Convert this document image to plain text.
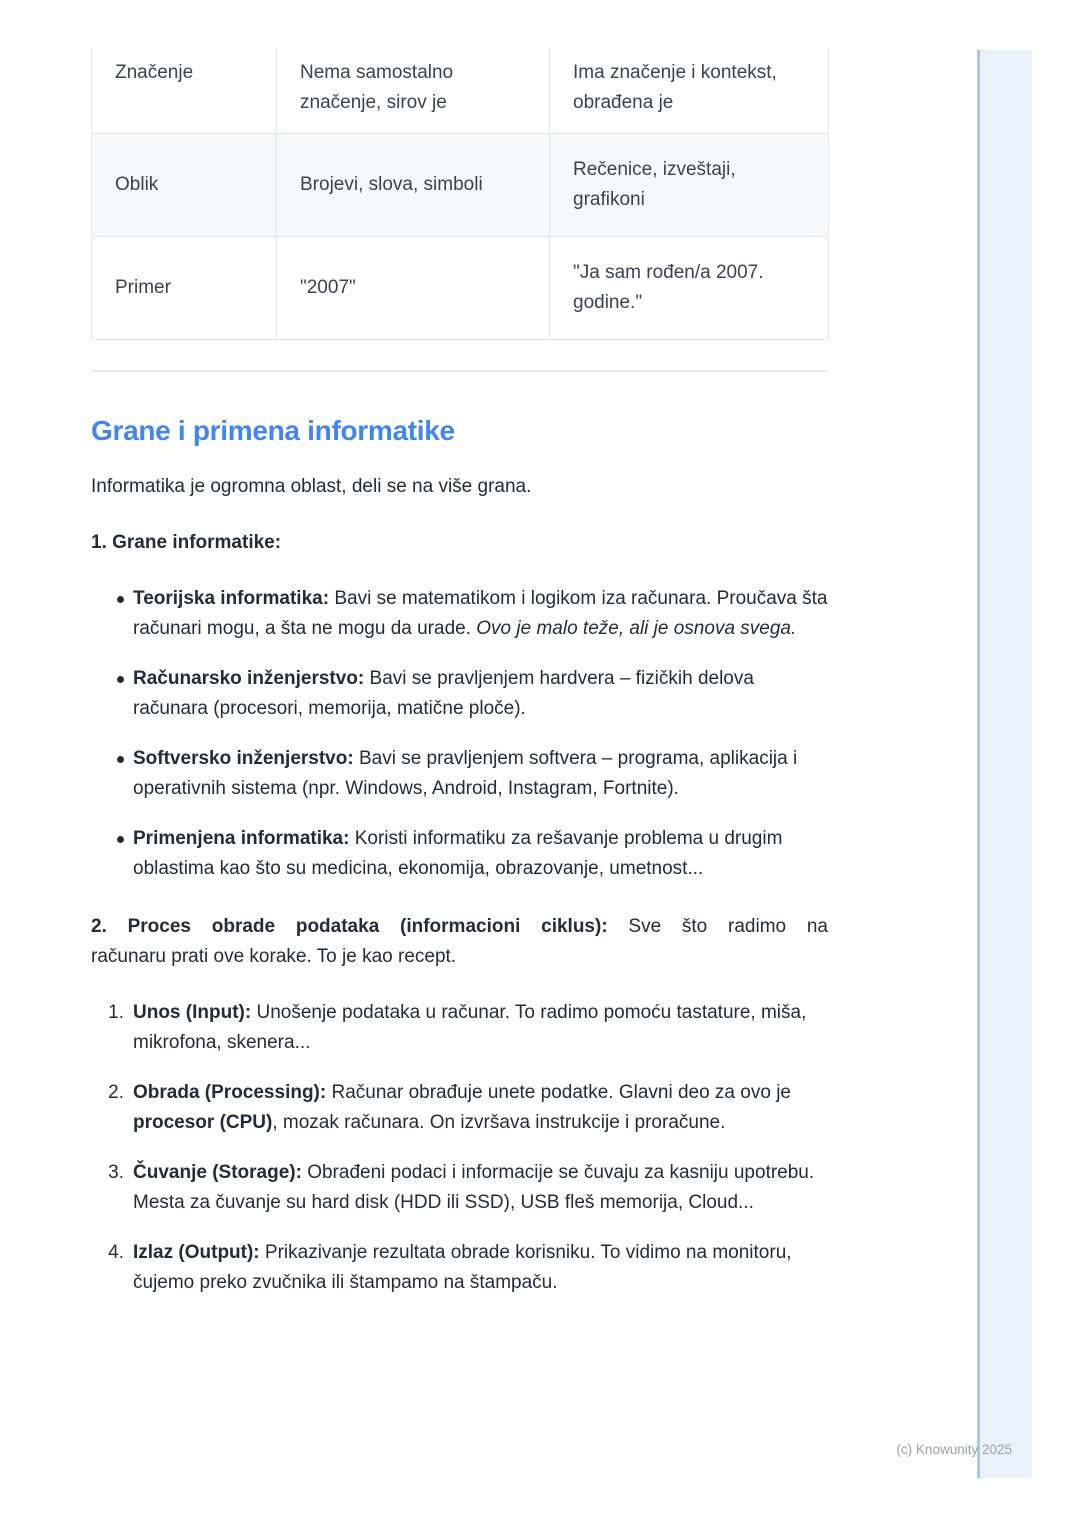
Značenje	Nema samostalno značenje, sirov je	Ima značenje i kontekst, obrađena je
Oblik	Brojevi, slova, simboli	Rečenice, izveštaji, grafikoni
Primer	"2007"	"Ja sam rođen/a 2007. godine."
Grane i primena informatike

Informatika je ogromna oblast, deli se na više grana.

1. Grane informatike:

Teorijska informatika: Bavi se matematikom i logikom iza računara. Proučava šta računari mogu, a šta ne mogu da urade. Ovo je malo teže, ali je osnova svega.
Računarsko inženjerstvo: Bavi se pravljenjem hardvera – fizičkih delova računara (procesori, memorija, matične ploče).
Softversko inženjerstvo: Bavi se pravljenjem softvera – programa, aplikacija i operativnih sistema (npr. Windows, Android, Instagram, Fortnite).
Primenjena informatika: Koristi informatiku za rešavanje problema u drugim oblastima kao što su medicina, ekonomija, obrazovanje, umetnost...

2. Proces obrade podataka (informacioni ciklus): Sve što radimo na
računaru prati ove korake. To je kao recept.

1. Unos (Input): Unošenje podataka u računar. To radimo pomoću tastature, miša, mikrofona, skenera...
2. Obrada (Processing): Računar obrađuje unete podatke. Glavni deo za ovo je procesor (CPU), mozak računara. On izvršava instrukcije i proračune.
3. Čuvanje (Storage): Obrađeni podaci i informacije se čuvaju za kasniju upotrebu. Mesta za čuvanje su hard disk (HDD ili SSD), USB fleš memorija, Cloud...
4. Izlaz (Output): Prikazivanje rezultata obrade korisniku. To vidimo na monitoru, čujemo preko zvučnika ili štampamo na štampaču.
(c) Knowunity 2025
